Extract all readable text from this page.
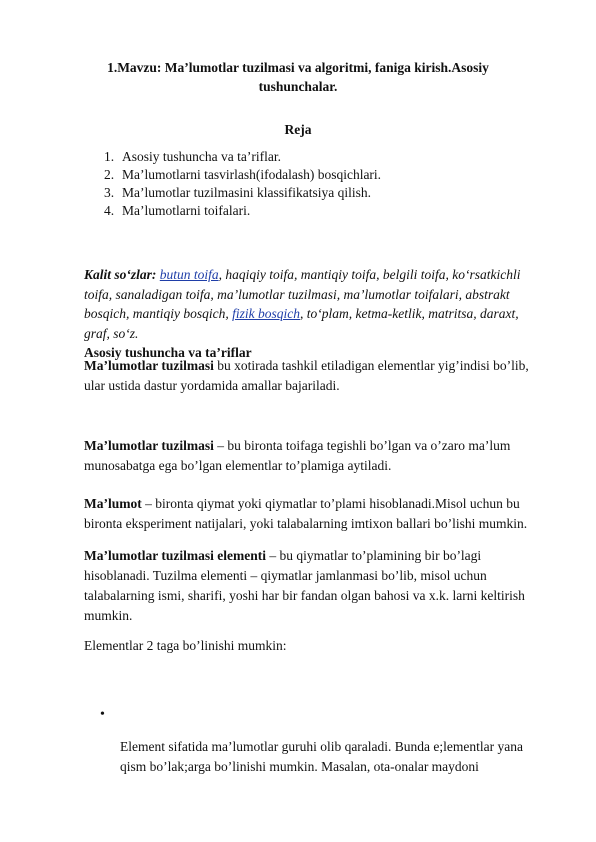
1.Mavzu: Ma’lumotlar tuzilmasi va algoritmi, faniga kirish.Asosiy tushunchalar.
Reja
1. Asosiy tushuncha va ta’riflar.
2. Ma’lumotlarni tasvirlash(ifodalash) bosqichlari.
3. Ma’lumotlar tuzilmasini klassifikatsiya qilish.
4. Ma’lumotlarni toifalari.

Kalit so‘zlar: butun toifa, haqiqiy toifa, mantiqiy toifa, belgili toifa, ko‘rsatkichli toifa, sanaladigan toifa, ma’lumotlar tuzilmasi, ma’lumotlar toifalari, abstrakt bosqich, mantiqiy bosqich, fizik bosqich, to‘plam, ketma-ketlik, matritsa, daraxt, graf, so‘z.

Asosiy tushuncha va ta’riflar

Ma’lumotlar tuzilmasi bu xotirada tashkil etiladigan elementlar yig’indisi bo’lib, ular ustida dastur yordamida amallar bajariladi.

Ma’lumotlar tuzilmasi – bu bironta toifaga tegishli bo’lgan va o’zaro ma’lum munosabatga ega bo’lgan elementlar to’plamiga aytiladi.

Ma’lumot – bironta qiymat yoki qiymatlar to’plami hisoblanadi.Misol uchun bu bironta eksperiment natijalari, yoki talabalarning imtixon ballari bo’lishi mumkin.

Ma’lumotlar tuzilmasi elementi – bu qiymatlar to’plamining bir bo’lagi hisoblanadi. Tuzilma elementi – qiymatlar jamlanmasi bo’lib, misol uchun talabalarning ismi, sharifi, yoshi har bir fandan olgan bahosi va x.k. larni keltirish mumkin.

Elementlar 2 taga bo’linishi mumkin:

•

Element sifatida ma’lumotlar guruhi olib qaraladi. Bunda e;lementlar yana qism bo’lak;arga bo’linishi mumkin. Masalan, ota-onalar maydoni
